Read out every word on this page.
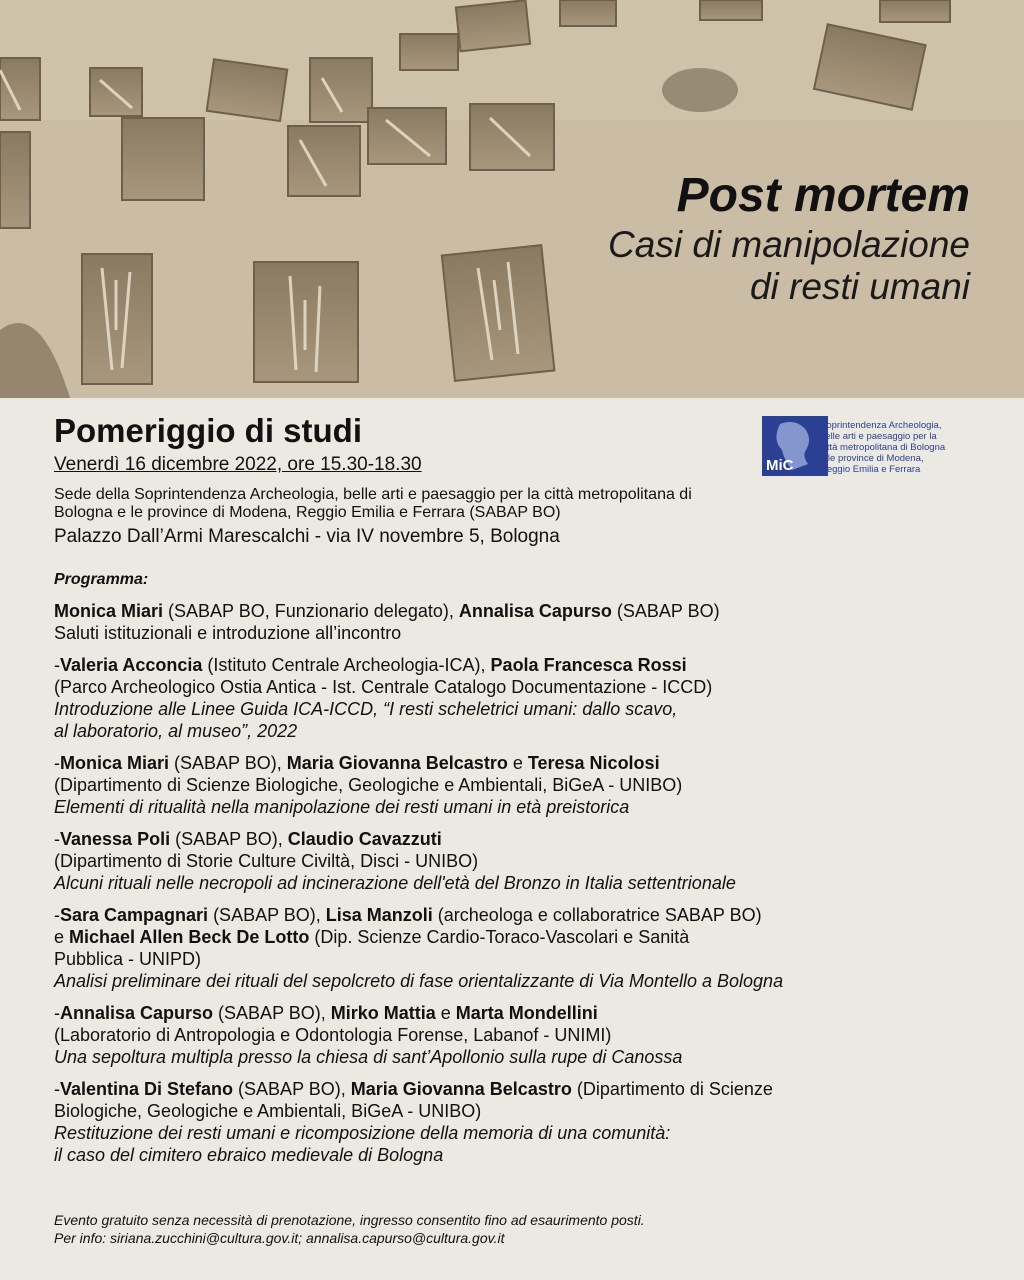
Post mortem
Casi di manipolazione
di resti umani
Pomeriggio di studi
Venerdì 16 dicembre 2022, ore 15.30-18.30
Sede della Soprintendenza Archeologia, belle arti e paesaggio per la città metropolitana di
Bologna e le province di Modena, Reggio Emilia e Ferrara (SABAP BO)
Palazzo Dall’Armi Marescalchi - via IV novembre 5, Bologna
MiC
Soprintendenza Archeologia,
belle arti e paesaggio per la
città metropolitana di Bologna
e le province di Modena,
Reggio Emilia e Ferrara
Programma:
Monica Miari (SABAP BO, Funzionario delegato), Annalisa Capurso (SABAP BO)
Saluti istituzionali e introduzione all’incontro
-Valeria Acconcia (Istituto Centrale Archeologia-ICA), Paola Francesca Rossi
(Parco Archeologico Ostia Antica - Ist. Centrale Catalogo Documentazione - ICCD)
Introduzione alle Linee Guida ICA-ICCD, “I resti scheletrici umani: dallo scavo,
al laboratorio, al museo”, 2022
-Monica Miari (SABAP BO), Maria Giovanna Belcastro e Teresa Nicolosi
(Dipartimento di Scienze Biologiche, Geologiche e Ambientali, BiGeA - UNIBO)
Elementi di ritualità nella manipolazione dei resti umani in età preistorica
-Vanessa Poli (SABAP BO), Claudio Cavazzuti
(Dipartimento di Storie Culture Civiltà, Disci - UNIBO)
Alcuni rituali nelle necropoli ad incinerazione dell'età del Bronzo in Italia settentrionale
-Sara Campagnari (SABAP BO), Lisa Manzoli (archeologa e collaboratrice SABAP BO)
e Michael Allen Beck De Lotto (Dip. Scienze Cardio-Toraco-Vascolari e Sanità
Pubblica - UNIPD)
Analisi preliminare dei rituali del sepolcreto di fase orientalizzante di Via Montello a Bologna
-Annalisa Capurso (SABAP BO), Mirko Mattia e Marta Mondellini
(Laboratorio di Antropologia e Odontologia Forense, Labanof - UNIMI)
Una sepoltura multipla presso la chiesa di sant’Apollonio sulla rupe di Canossa
-Valentina Di Stefano (SABAP BO), Maria Giovanna Belcastro (Dipartimento di Scienze
Biologiche, Geologiche e Ambientali, BiGeA - UNIBO)
Restituzione dei resti umani e ricomposizione della memoria di una comunità:
il caso del cimitero ebraico medievale di Bologna
Evento gratuito senza necessità di prenotazione, ingresso consentito fino ad esaurimento posti.
Per info: siriana.zucchini@cultura.gov.it; annalisa.capurso@cultura.gov.it
